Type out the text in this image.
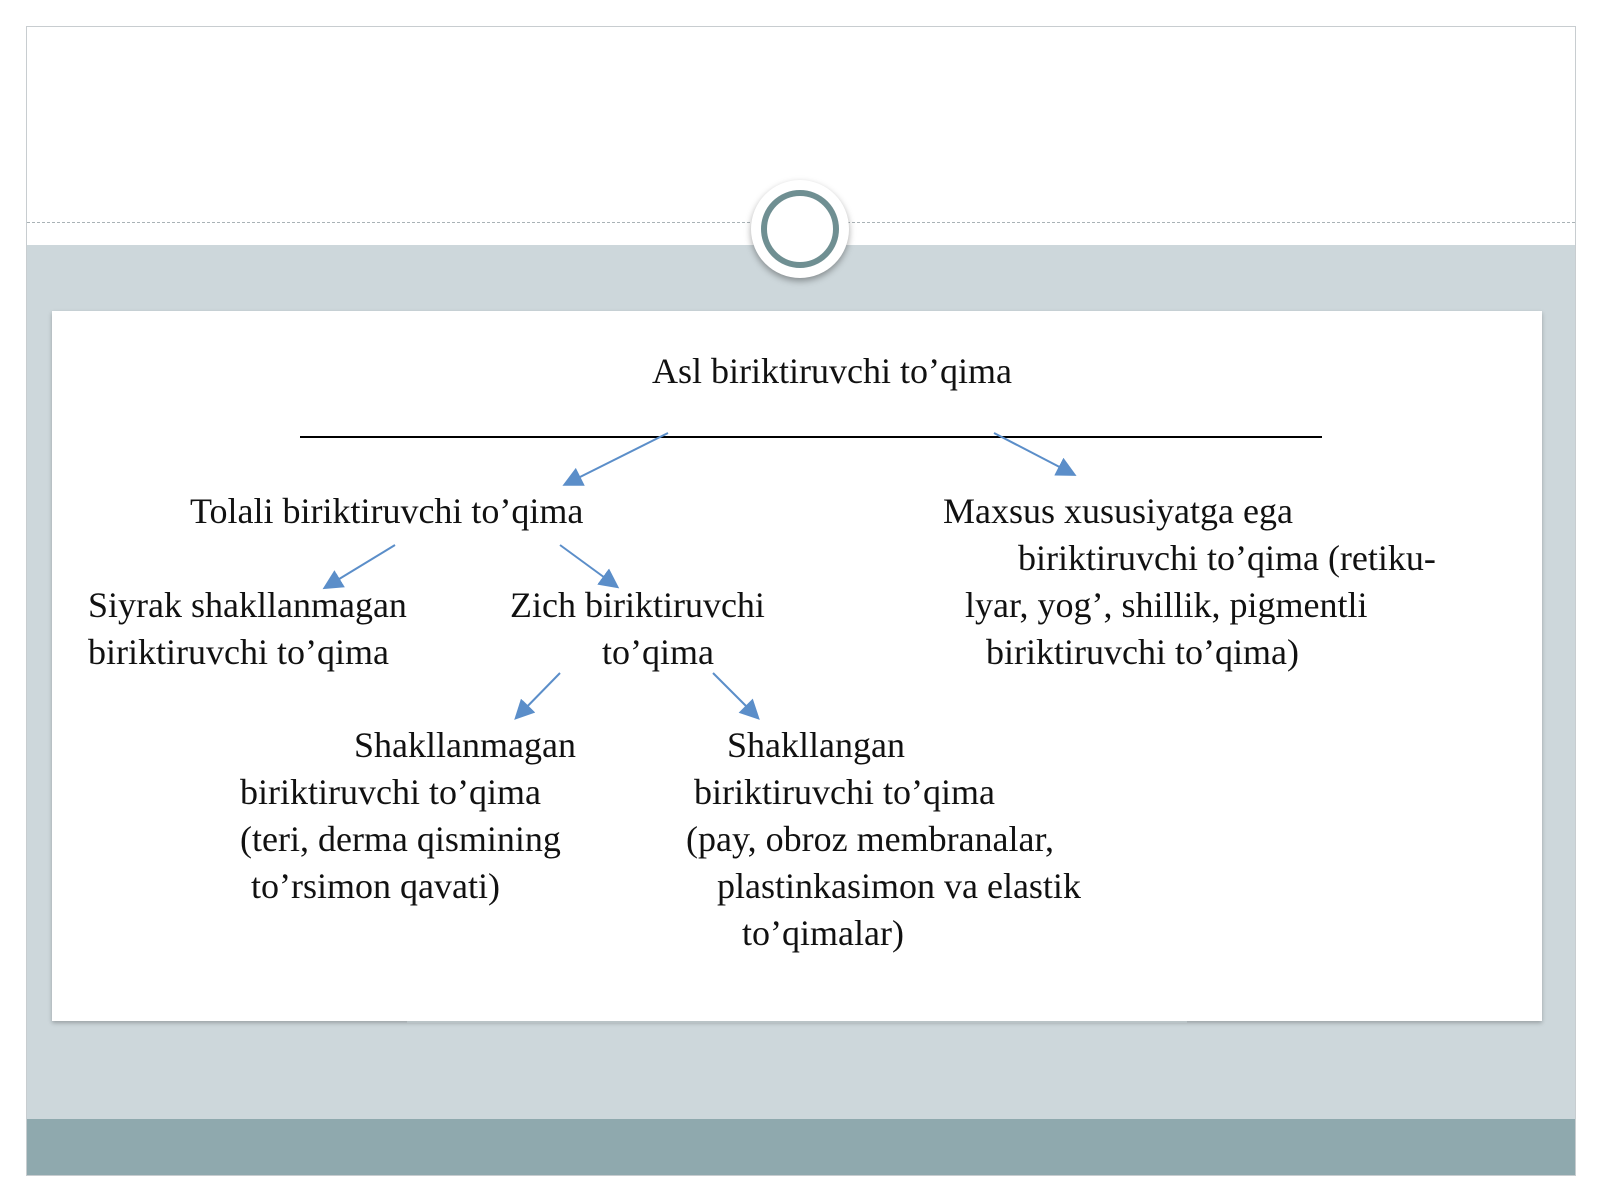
Asl biriktiruvchi to’qima
Tolali biriktiruvchi to’qima	Maxsus xususiyatga ega
biriktiruvchi to’qima (retiku-
lyar, yog’, shillik, pigmentli
biriktiruvchi to’qima)
Siyrak shakllanmagan
biriktiruvchi to’qima
Zich biriktiruvchi
to’qima
Shakllanmagan
biriktiruvchi to’qima
(teri, derma qismining
to’rsimon qavati)
Shakllangan
biriktiruvchi to’qima
(pay, obroz membranalar,
plastinkasimon va elastik
to’qimalar)
